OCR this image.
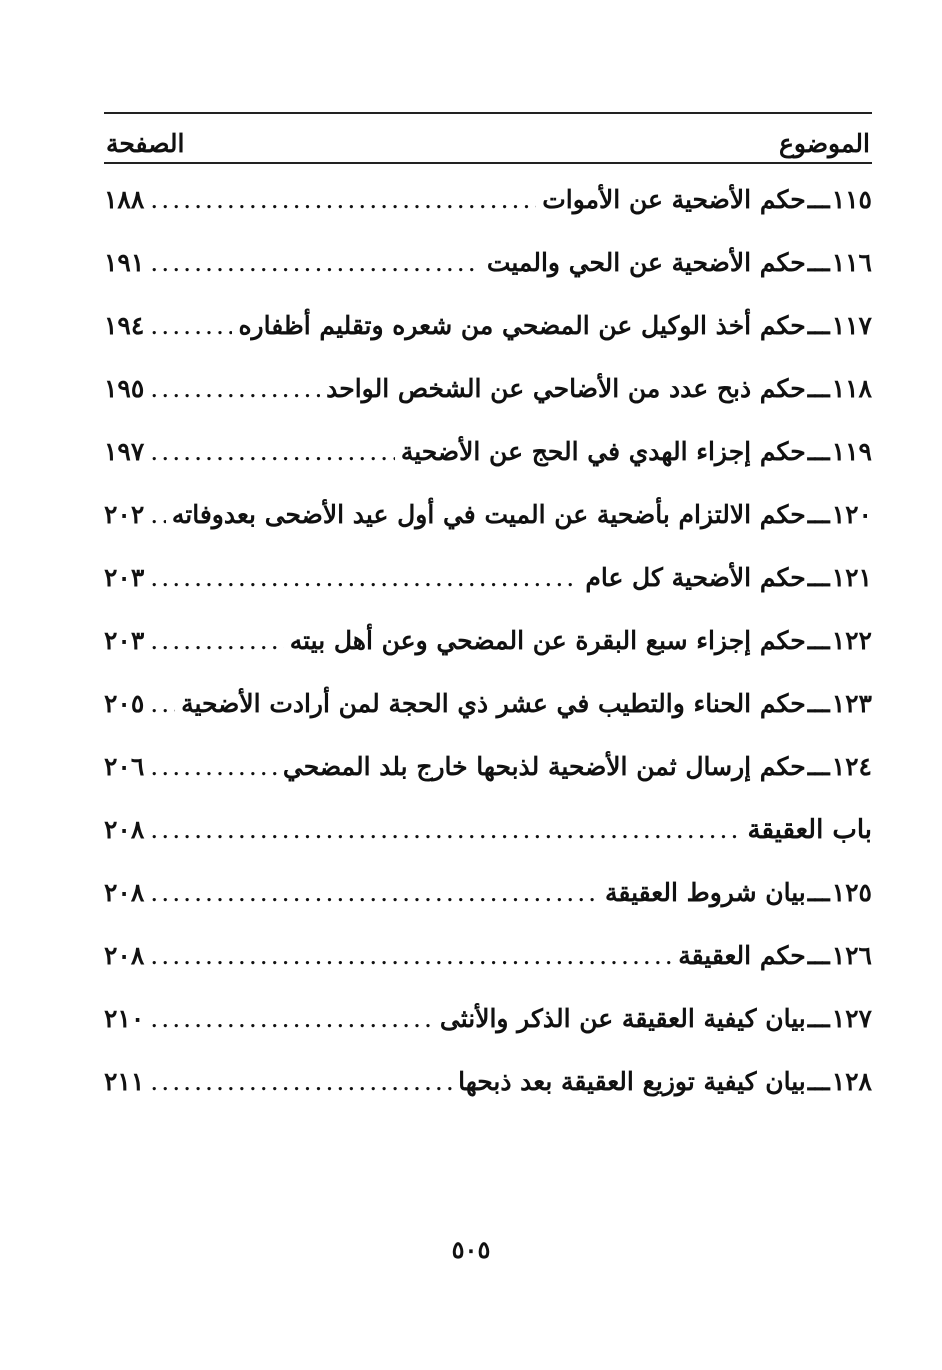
الموضوع
الصفحة
١١٥
ـــ
حكم الأضحية عن الأموات
.....
١٨٨
١١٦
ـــ
حكم الأضحية عن الحي والميت
.....
١٩١
١١٧
ـــ
حكم أخذ الوكيل عن المضحي من شعره وتقليم أظفاره
.....
١٩٤
١١٨
ـــ
حكم ذبح عدد من الأضاحي عن الشخص الواحد
.....
١٩٥
١١٩
ـــ
حكم إجزاء الهدي في الحج عن الأضحية
.....
١٩٧
١٢٠
ـــ
حكم الالتزام بأضحية عن الميت في أول عيد الأضحى بعدوفاته
.....
٢٠٢
١٢١
ـــ
حكم الأضحية كل عام
.....
٢٠٣
١٢٢
ـــ
حكم إجزاء سبع البقرة عن المضحي وعن أهل بيته
.....
٢٠٣
١٢٣
ـــ
حكم الحناء والتطيب في عشر ذي الحجة لمن أرادت الأضحية
.....
٢٠٥
١٢٤
ـــ
حكم إرسال ثمن الأضحية لذبحها خارج بلد المضحي
.....
٢٠٦
باب العقيقة
.....
٢٠٨
١٢٥
ـــ
بيان شروط العقيقة
.....
٢٠٨
١٢٦
ـــ
حكم العقيقة
.....
٢٠٨
١٢٧
ـــ
بيان كيفية العقيقة عن الذكر والأنثى
.....
٢١٠
١٢٨
ـــ
بيان كيفية توزيع العقيقة بعد ذبحها
.....
٢١١
٥٠٥
